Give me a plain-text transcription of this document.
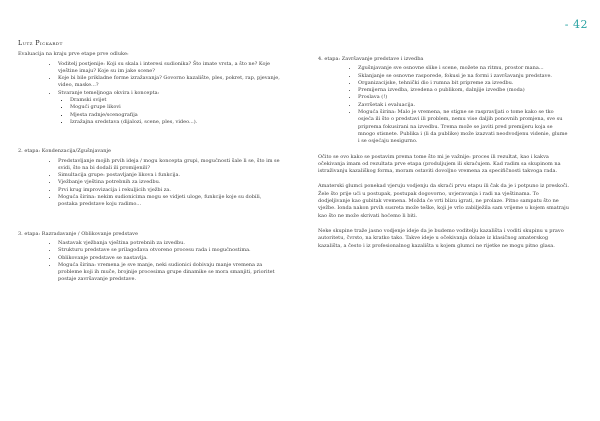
- 42
Lutz Pickardt
Evaluacija na kraju prve etape prve odluke:
• Voditelj postjenije: Koji su skala i interesi sudionika? Što imate vrsta, a što ne? Koje vještine imaju? Koje su im jake scene?
• Koje bi bile prikladne forme izražavanja? Govorno kazalište, ples, pokret, rap, pjevanje, video, maske...?
• Stvaranje temeljnoga okvira i koncepta:
▪ Dramski svijet
▪ Mogući grupe likovi
▪ Mjesta radnje/scenografija
▪ Izražajna sredstava (dijalozi, scene, ples, video...).
2. etapa: Kondenzacija/Zgušnjavanje
• Predstavljanje mojih prvih ideja / mogu koncepta grupi, mogućnosti šale li se, što im se svidi, što na bi dodali ili promijenili?
• Simultacija grupe: postavljanje likova i funkcija.
• Vježbanje vještina potrebnih za izvedbu.
• Prvi krug improvizacija i rekuljicih vježbi za.
• Moguća širina: nekim sudionicima mogu se vidjeti uloge, funkcije koje su dobili, postaka predstave koju radimo...
3. etapa: Razradavanje / Oblikovanje predstave
• Nastavak vježbanja vještina potrebnih za izvedbu.
• Strukturu predstave se prilagođava otvoreno procesu rada i mogućnostima.
• Oblikovanje predstave se nastavlja.
• Moguća širina: vremena je sve manje, neki sudionici dobivaju manje vremena za probleme koji ih muče, brojnije procesima grupe dinamike se mora smanjiti, prioritet postaje završavanje predstave.
4. etapa: Završavanje predstave i izvedba
• Zgušnjavanje sve osnovne slike i scene, možete na ritmu, prostor mana...
• Sklanjanje se osnovne rasporede, fokusi je na formi i završavanju predstave.
• Organizacijske, tehnički dio i rumna bit pripreme za izvedbu.
• Premijerna izvedba, izvedena o publikom, dalnjije izvedbe (moda)
• Proslava (!)
• Završetak i evaluacija.
• Moguća širina: Malo je vremena, ne stigne se raspravljati o tome kako se tko osjeća ili što o predstavi ili problem, nemu vise daljih ponovnih promjena, sve su priprema fokusirani na izvedbu. Trema može se javiti pred premijeru koja se mnogo stisnete. Publika i (li da publike) može izazvati neodvodjenu videnie, glume i se osjećaju nesigurno.

Očito se ovo kako se postavim prema tome što mi je važnije: proces ili rezultat, kao i kakva očekivanja imam od rezultata prve etapa (produljujem ili skraćujem. Kad radim sa skupinom na istraživanju kazališkog forma, moram ostaviti dovoljno vremena za specifičnosti takvoga rada.

Amaterski glumci ponekad vjeruju vodjenju da skraći prvu etapu ili čak da je i potpuno iz preskoči. Žele što prije ući u postupak, postupak dogovorno, uvjeravanja i radi na vještinama. To dodjeljivanje kao gubitak vremena. Možda će vrti blizu igrati, ne prolaze. Pitno sampatu što ne vježbe. Ionda nakon prvih susreta može teške, koji je vrlo zabilježila sam vrijeme u kojem smatraju kao što ne može skrivati hoćemo li biti.

Neke skupine traže jasno vodjenje ideje da je budemo voditelju kazališta i voditi skupinu u pravo autoritetu, čvrsto, na kratko tako. Takve ideje u očekivanja dolaze iz klasičnog amaterskog kazališta, a često i iz profesionalnog kazališta u kojem glumci ne rijetke ne mogu pitno glasa.
